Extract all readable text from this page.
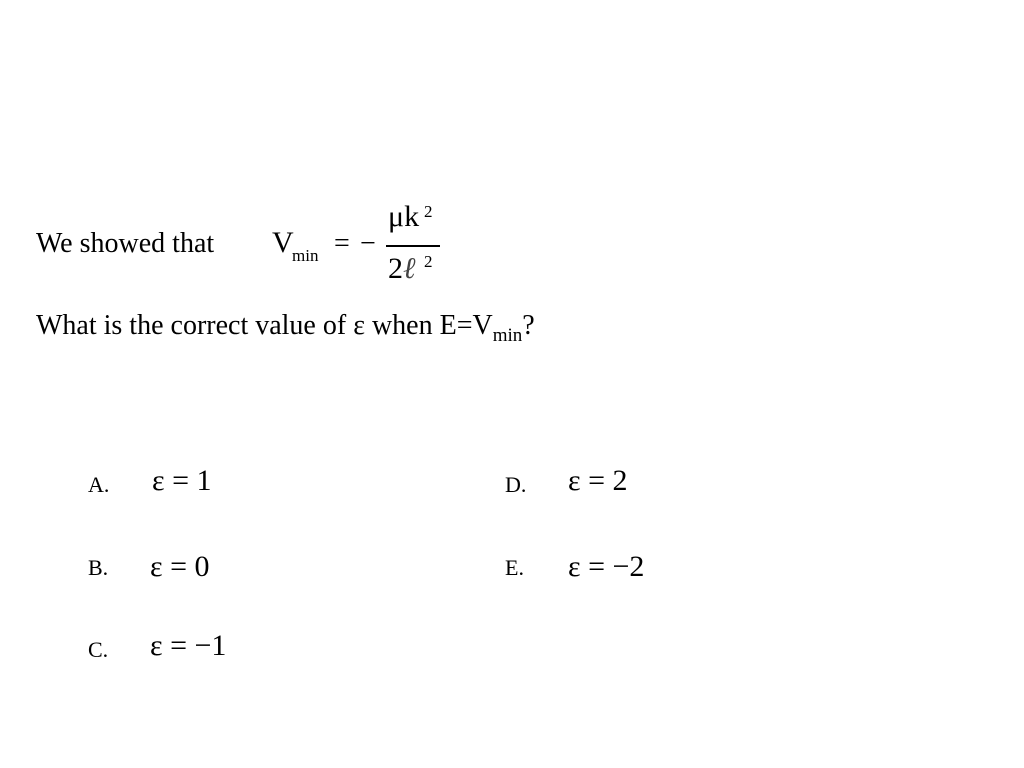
We showed that V
min = −
μk 2
2ℓ 2
What is the correct value of ε when $E=V_{min}$?
A. ε = 1
B. ε = 0
C. ε = −1
D. ε = 2
E. ε = −2
